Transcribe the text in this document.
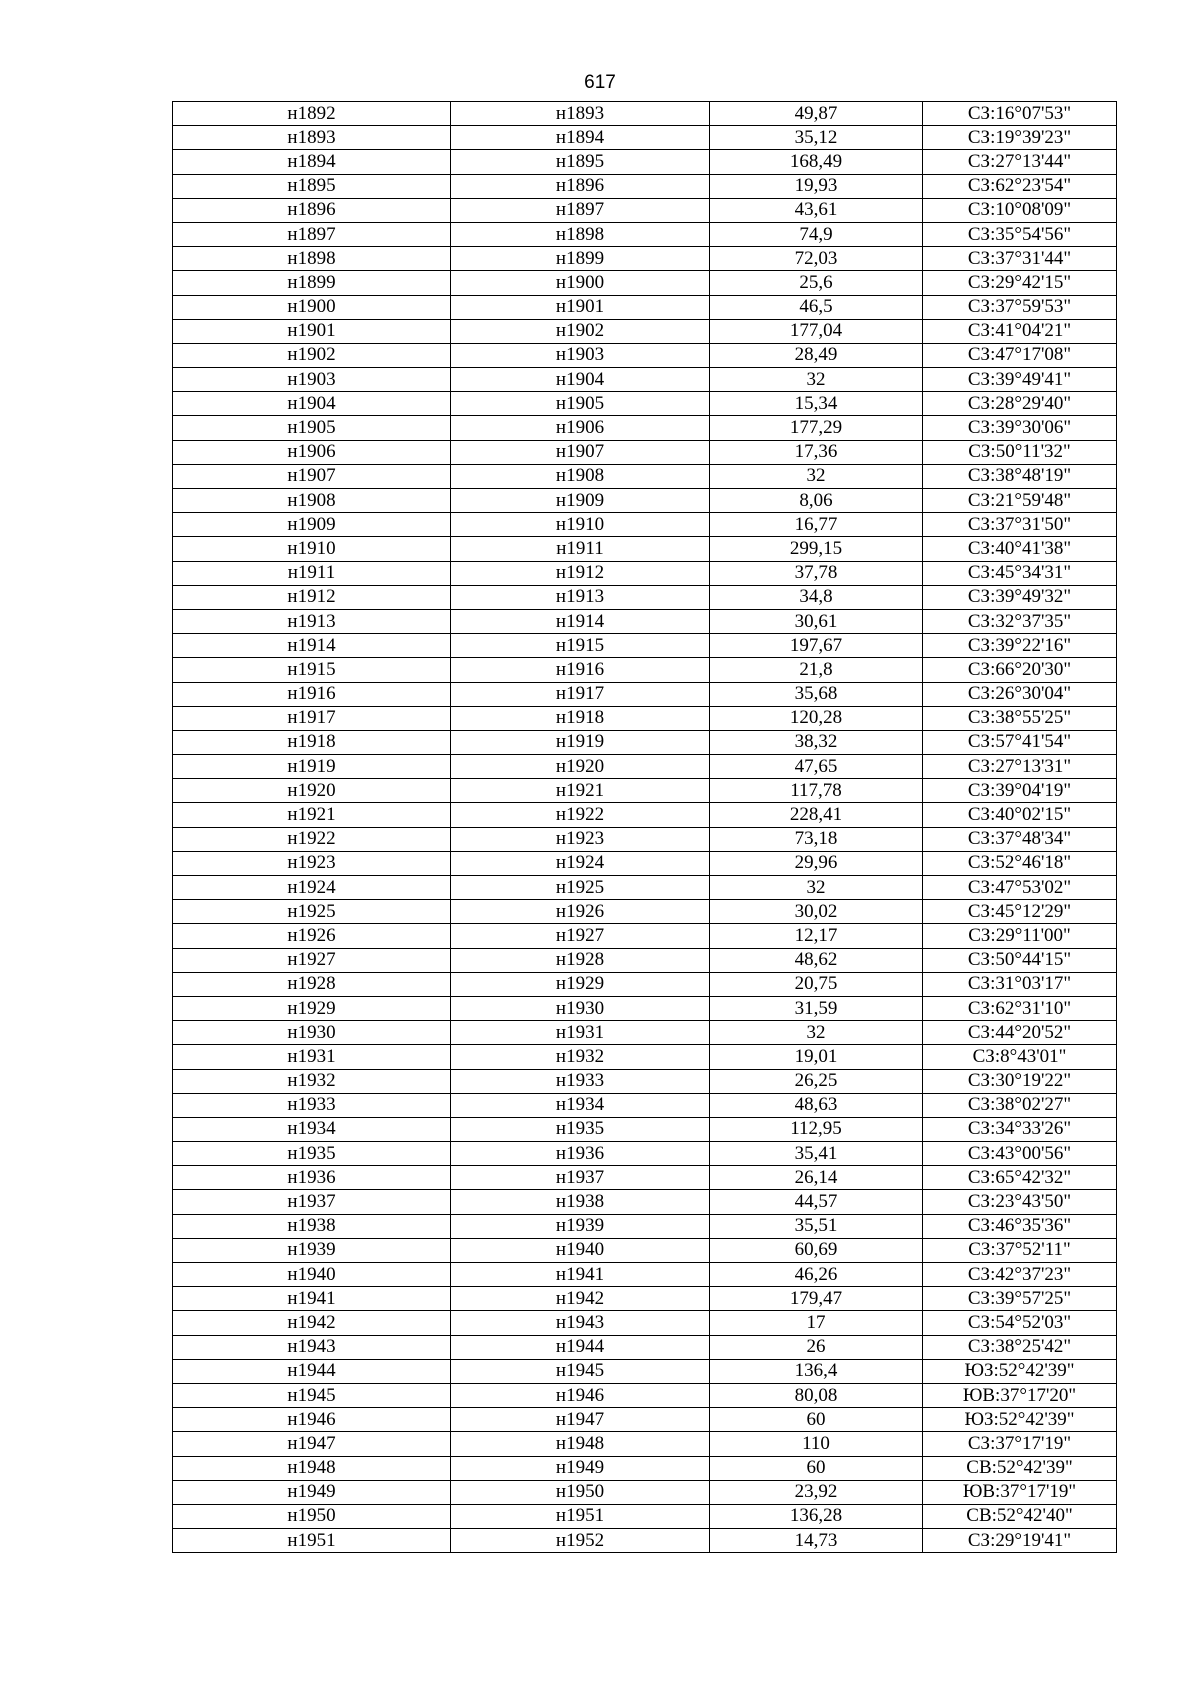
617
н1892	н1893	49,87	СЗ:16°07'53"
н1893	н1894	35,12	СЗ:19°39'23"
н1894	н1895	168,49	СЗ:27°13'44"
н1895	н1896	19,93	СЗ:62°23'54"
н1896	н1897	43,61	СЗ:10°08'09"
н1897	н1898	74,9	СЗ:35°54'56"
н1898	н1899	72,03	СЗ:37°31'44"
н1899	н1900	25,6	СЗ:29°42'15"
н1900	н1901	46,5	СЗ:37°59'53"
н1901	н1902	177,04	СЗ:41°04'21"
н1902	н1903	28,49	СЗ:47°17'08"
н1903	н1904	32	СЗ:39°49'41"
н1904	н1905	15,34	СЗ:28°29'40"
н1905	н1906	177,29	СЗ:39°30'06"
н1906	н1907	17,36	СЗ:50°11'32"
н1907	н1908	32	СЗ:38°48'19"
н1908	н1909	8,06	СЗ:21°59'48"
н1909	н1910	16,77	СЗ:37°31'50"
н1910	н1911	299,15	СЗ:40°41'38"
н1911	н1912	37,78	СЗ:45°34'31"
н1912	н1913	34,8	СЗ:39°49'32"
н1913	н1914	30,61	СЗ:32°37'35"
н1914	н1915	197,67	СЗ:39°22'16"
н1915	н1916	21,8	СЗ:66°20'30"
н1916	н1917	35,68	СЗ:26°30'04"
н1917	н1918	120,28	СЗ:38°55'25"
н1918	н1919	38,32	СЗ:57°41'54"
н1919	н1920	47,65	СЗ:27°13'31"
н1920	н1921	117,78	СЗ:39°04'19"
н1921	н1922	228,41	СЗ:40°02'15"
н1922	н1923	73,18	СЗ:37°48'34"
н1923	н1924	29,96	СЗ:52°46'18"
н1924	н1925	32	СЗ:47°53'02"
н1925	н1926	30,02	СЗ:45°12'29"
н1926	н1927	12,17	СЗ:29°11'00"
н1927	н1928	48,62	СЗ:50°44'15"
н1928	н1929	20,75	СЗ:31°03'17"
н1929	н1930	31,59	СЗ:62°31'10"
н1930	н1931	32	СЗ:44°20'52"
н1931	н1932	19,01	СЗ:8°43'01"
н1932	н1933	26,25	СЗ:30°19'22"
н1933	н1934	48,63	СЗ:38°02'27"
н1934	н1935	112,95	СЗ:34°33'26"
н1935	н1936	35,41	СЗ:43°00'56"
н1936	н1937	26,14	СЗ:65°42'32"
н1937	н1938	44,57	СЗ:23°43'50"
н1938	н1939	35,51	СЗ:46°35'36"
н1939	н1940	60,69	СЗ:37°52'11"
н1940	н1941	46,26	СЗ:42°37'23"
н1941	н1942	179,47	СЗ:39°57'25"
н1942	н1943	17	СЗ:54°52'03"
н1943	н1944	26	СЗ:38°25'42"
н1944	н1945	136,4	ЮЗ:52°42'39"
н1945	н1946	80,08	ЮВ:37°17'20"
н1946	н1947	60	ЮЗ:52°42'39"
н1947	н1948	110	СЗ:37°17'19"
н1948	н1949	60	СВ:52°42'39"
н1949	н1950	23,92	ЮВ:37°17'19"
н1950	н1951	136,28	СВ:52°42'40"
н1951	н1952	14,73	СЗ:29°19'41"
